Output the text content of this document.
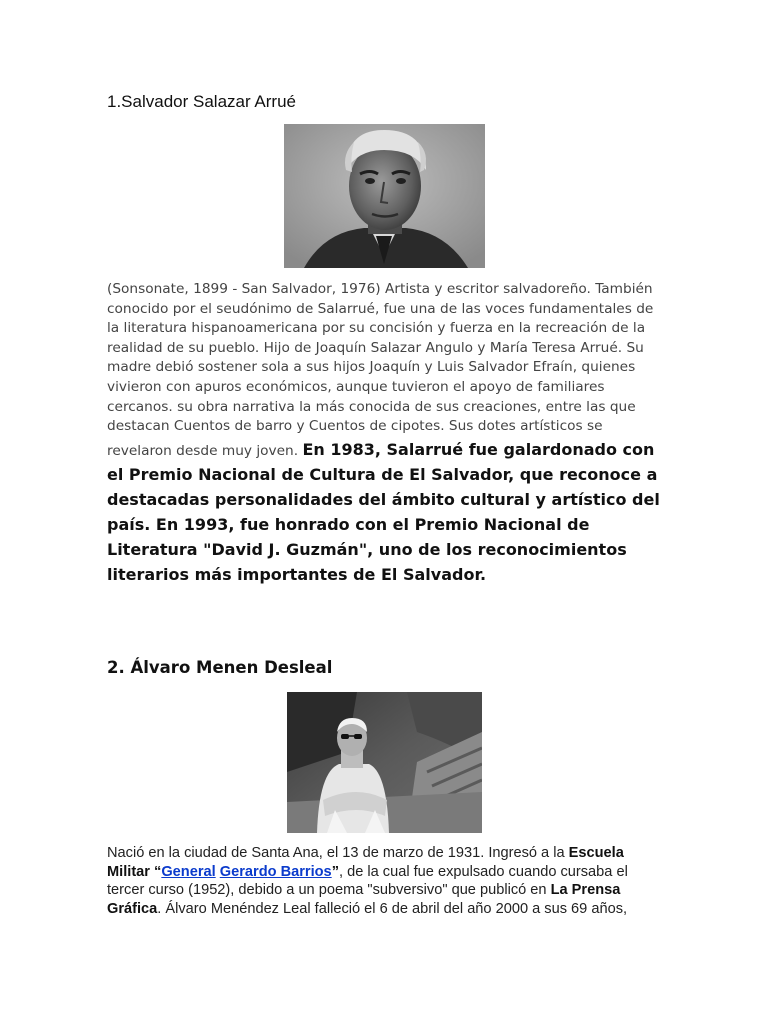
1.Salvador Salazar Arrué
(Sonsonate, 1899 - San Salvador, 1976) Artista y escritor salvadoreño. También conocido por el seudónimo de Salarrué, fue una de las voces fundamentales de la literatura hispanoamericana por su concisión y fuerza en la recreación de la realidad de su pueblo. Hijo de Joaquín Salazar Angulo y María Teresa Arrué. Su madre debió sostener sola a sus hijos Joaquín y Luis Salvador Efraín, quienes vivieron con apuros económicos, aunque tuvieron el apoyo de familiares cercanos. su obra narrativa la más conocida de sus creaciones, entre las que destacan Cuentos de barro y Cuentos de cipotes. Sus dotes artísticos se revelaron desde muy joven. En 1983, Salarrué fue galardonado con el Premio Nacional de Cultura de El Salvador, que reconoce a destacadas personalidades del ámbito cultural y artístico del país. En 1993, fue honrado con el Premio Nacional de Literatura "David J. Guzmán", uno de los reconocimientos literarios más importantes de El Salvador.
2. Álvaro Menen Desleal
Nació en la ciudad de Santa Ana, el 13 de marzo de 1931. Ingresó a la Escuela Militar “General Gerardo Barrios”, de la cual fue expulsado cuando cursaba el tercer curso (1952), debido a un poema "subversivo" que publicó en La Prensa Gráfica. Álvaro Menéndez Leal falleció el 6 de abril del año 2000 a sus 69 años,
